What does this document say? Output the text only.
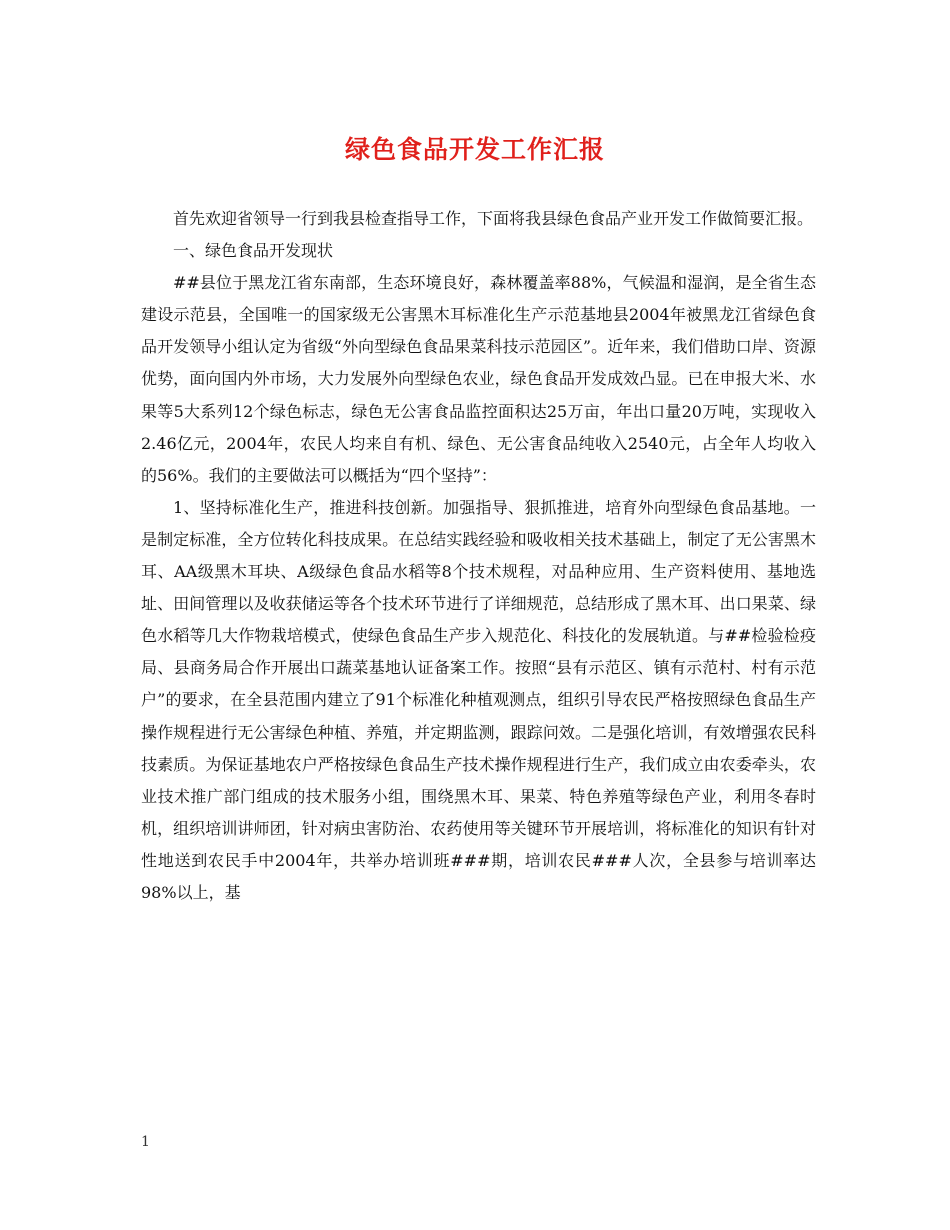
绿色食品开发工作汇报

首先欢迎省领导一行到我县检查指导工作，下面将我县绿色食品产业开发工作做简要汇报。

一、绿色食品开发现状

##县位于黑龙江省东南部，生态环境良好，森林覆盖率88%，气候温和湿润，是全省生态建设示范县，全国唯一的国家级无公害黑木耳标准化生产示范基地县2004年被黑龙江省绿色食品开发领导小组认定为省级“外向型绿色食品果菜科技示范园区”。近年来，我们借助口岸、资源优势，面向国内外市场，大力发展外向型绿色农业，绿色食品开发成效凸显。已在申报大米、水果等5大系列12个绿色标志，绿色无公害食品监控面积达25万亩，年出口量20万吨，实现收入2.46亿元，2004年，农民人均来自有机、绿色、无公害食品纯收入2540元，占全年人均收入的56%。我们的主要做法可以概括为“四个坚持”：

1、坚持标准化生产，推进科技创新。加强指导、狠抓推进，培育外向型绿色食品基地。一是制定标准，全方位转化科技成果。在总结实践经验和吸收相关技术基础上，制定了无公害黑木耳、AA级黑木耳块、A级绿色食品水稻等8个技术规程，对品种应用、生产资料使用、基地选址、田间管理以及收获储运等各个技术环节进行了详细规范，总结形成了黑木耳、出口果菜、绿色水稻等几大作物栽培模式，使绿色食品生产步入规范化、科技化的发展轨道。与##检验检疫局、县商务局合作开展出口蔬菜基地认证备案工作。按照“县有示范区、镇有示范村、村有示范户”的要求，在全县范围内建立了91个标准化种植观测点，组织引导农民严格按照绿色食品生产操作规程进行无公害绿色种植、养殖，并定期监测，跟踪问效。二是强化培训，有效增强农民科技素质。为保证基地农户严格按绿色食品生产技术操作规程进行生产，我们成立由农委牵头，农业技术推广部门组成的技术服务小组，围绕黑木耳、果菜、特色养殖等绿色产业，利用冬春时机，组织培训讲师团，针对病虫害防治、农药使用等关键环节开展培训，将标准化的知识有针对性地送到农民手中2004年，共举办培训班###期，培训农民###人次，全县参与培训率达98%以上，基

1
